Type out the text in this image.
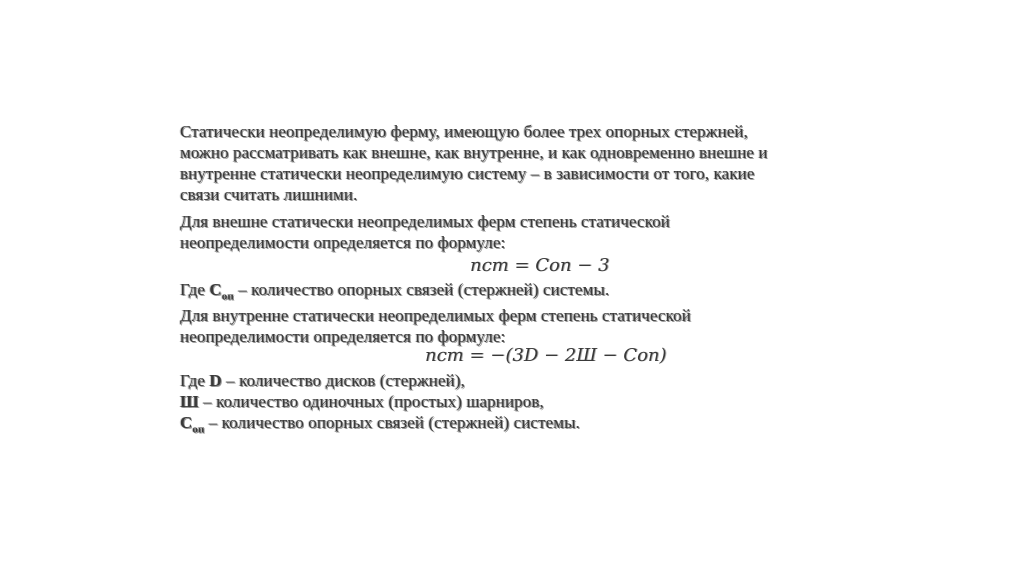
Статически неопределимую ферму, имеющую более трех опорных стержней,
можно рассматривать как внешне, как внутренне, и как одновременно внешне и
внутренне статически неопределимую систему – в зависимости от того, какие
связи считать лишними.
Для внешне статически неопределимых ферм степень статической
неопределимости определяется по формуле:
nст = Cоп − 3
Где $C_{оп}$ – количество опорных связей (стержней) системы.
Для внутренне статически неопределимых ферм степень статической
неопределимости определяется по формуле:
nст = −(3D − 2Ш − Cоп)
Где D – количество дисков (стержней),
Ш – количество одиночных (простых) шарниров,
$C_{оп}$ – количество опорных связей (стержней) системы.
